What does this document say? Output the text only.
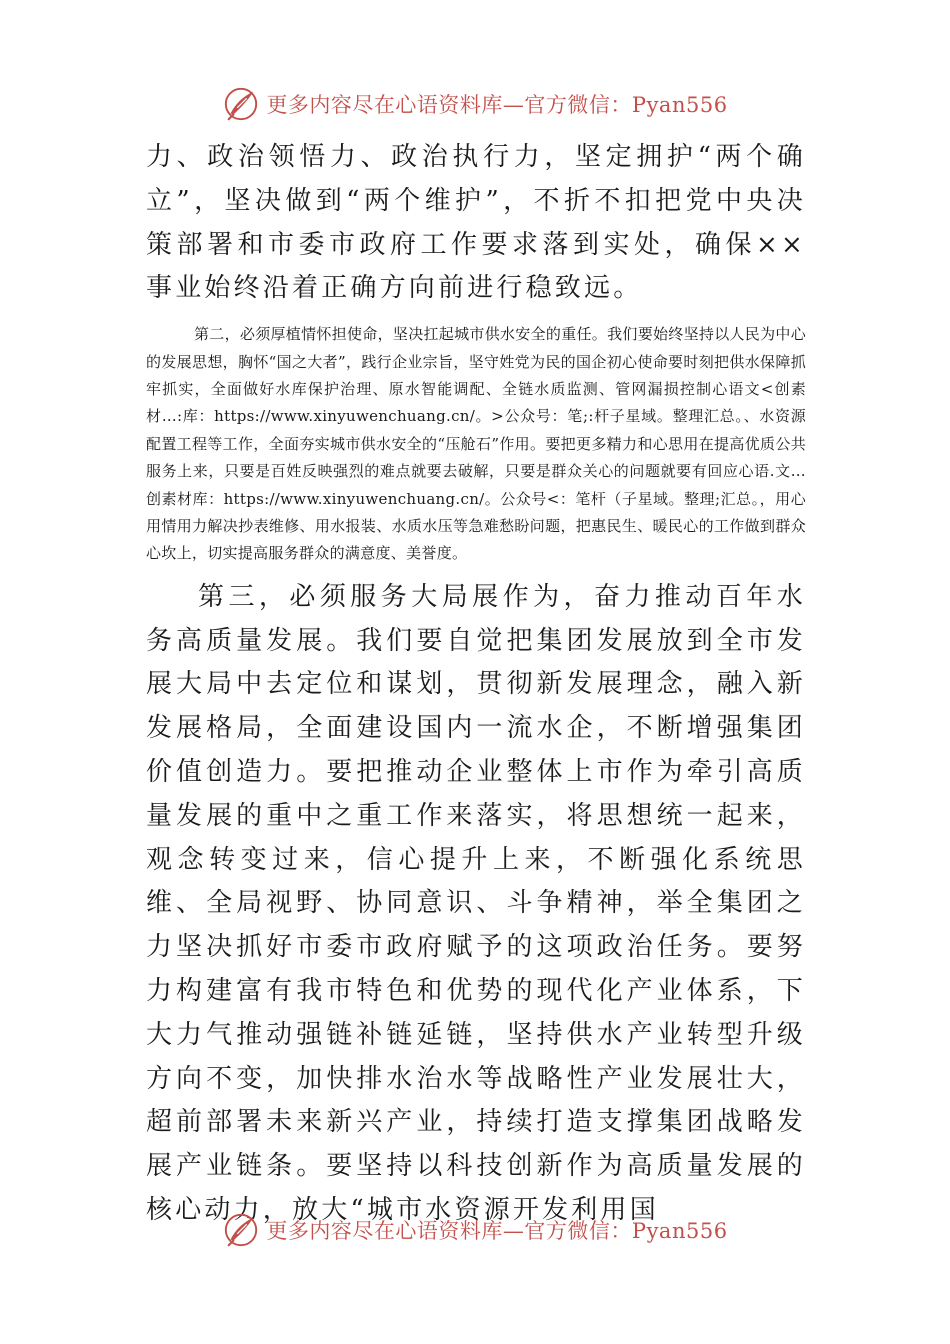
更多内容尽在心语资料库—官方微信：Pyan556

力、政治领悟力、政治执行力，坚定拥护“两个确立”，坚决做到“两个维护”，不折不扣把党中央决策部署和市委市政府工作要求落到实处，确保××事业始终沿着正确方向前进行稳致远。

第二，必须厚植情怀担使命，坚决扛起城市供水安全的重任。我们要始终坚持以人民为中心的发展思想，胸怀“国之大者”，践行企业宗旨，坚守姓党为民的国企初心使命要时刻把供水保障抓牢抓实，全面做好水库保护治理、原水智能调配、全链水质监测、管网漏损控制心语文<创素材…:库：https://www.xinyuwenchuang.cn/。>公众号：笔;:杆子星域。整理汇总。、水资源配置工程等工作，全面夯实城市供水安全的“压舱石”作用。要把更多精力和心思用在提高优质公共服务上来，只要是百姓反映强烈的难点就要去破解，只要是群众关心的问题就要有回应心语.文…创素材库：https://www.xinyuwenchuang.cn/。公众号<：笔杆（子星域。整理;汇总。，用心用情用力解决抄表维修、用水报装、水质水压等急难愁盼问题，把惠民生、暖民心的工作做到群众心坎上，切实提高服务群众的满意度、美誉度。

第三，必须服务大局展作为，奋力推动百年水务高质量发展。我们要自觉把集团发展放到全市发展大局中去定位和谋划，贯彻新发展理念，融入新发展格局，全面建设国内一流水企，不断增强集团价值创造力。要把推动企业整体上市作为牵引高质量发展的重中之重工作来落实，将思想统一起来，观念转变过来，信心提升上来，不断强化系统思维、全局视野、协同意识、斗争精神，举全集团之力坚决抓好市委市政府赋予的这项政治任务。要努力构建富有我市特色和优势的现代化产业体系，下大力气推动强链补链延链，坚持供水产业转型升级方向不变，加快排水治水等战略性产业发展壮大，超前部署未来新兴产业，持续打造支撑集团战略发展产业链条。要坚持以科技创新作为高质量发展的核心动力，放大“城市水资源开发利用国

更多内容尽在心语资料库—官方微信：Pyan556
